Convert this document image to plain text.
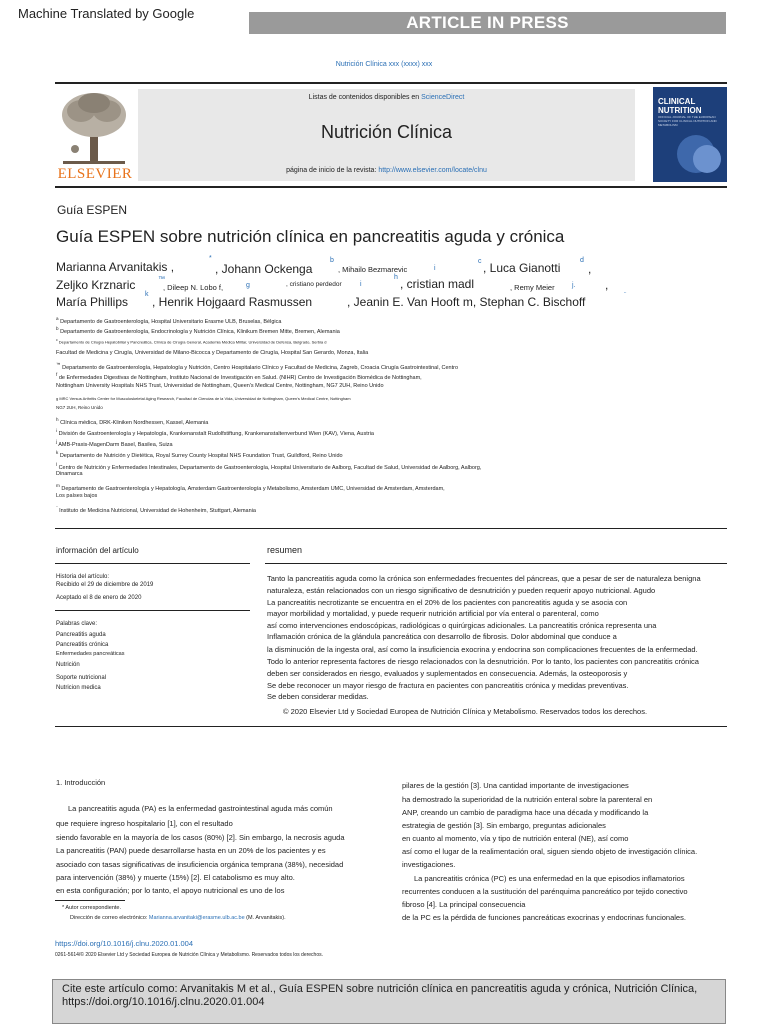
Machine Translated by Google	ARTICLE IN PRESS
Nutrición Clínica xxx (xxxx) xxx
ELSEVIER
Listas de contenidos disponibles en ScienceDirect
Nutrición Clínica
página de inicio de la revista: http://www.elsevier.com/locate/clnu
CLINICAL NUTRITION
OFFICIAL JOURNAL OF THE EUROPEAN SOCIETY FOR CLINICAL NUTRITION AND METABOLISM
Guía ESPEN
Guía ESPEN sobre nutrición clínica en pancreatitis aguda y crónica
Marianna Arvanitakis ,
*
, Johann Ockenga
b
, Mihailo Bezmarevic	i
c , Luca Gianotti
d
,
Zeljko Krznaric	™
, Dileep N. Lobo f,	g	, cristiano perdedor	i
h , cristian madl	, Remy Meier j. ,
María Phillips
k
, Henrik Hojgaard Rasmussen	, Jeanin E. Van Hooft m, Stephan C. Bischoff	¨
$^a$ Departamento de Gastroenterología, Hospital Universitario Erasme ULB, Bruselas, Bélgica
$^b$ Departamento de Gastroenterología, Endocrinología y Nutrición Clínica, Klinikum Bremen Mitte, Bremen, Alemania
$^c$ Departamento de Cirugía Hepatobiliar y Pancreática, Clínica de Cirugía General, Academia Médica Militar, Universidad de Defensa, Belgrado, Serbia d
Facultad de Medicina y Cirugía, Universidad de Milano-Bicocca y Departamento de Cirugía, Hospital San Gerardo, Monza, Italia
™ Departamento de Gastroenterología, Hepatología y Nutrición, Centro Hospitalario Clínico y Facultad de Medicina, Zagreb, Croacia Cirugía Gastrointestinal, Centro
$^f$ de Enfermedades Digestivas de Nottingham, Instituto Nacional de Investigación en Salud. (NIHR) Centro de Investigación Biomédica de Nottingham,
Nottingham University Hospitals NHS Trust, Universidad de Nottingham, Queen's Medical Centre, Nottingham, NG7 2UH, Reino Unido
g MRC Versus Arthritis Center for Musculoskeletal Aging Research, Facultad de Ciencias de la Vida, Universidad de Nottingham, Queen's Medical Centre, Nottingham
NG7 2UH, Reino Unido
$^h$ Clínica médica, DRK-Kliniken Nordhessen, Kassel, Alemania
$^i$ División de Gastroenterología y Hepatología, Krankenanstalt Rudolfstiftung, Krankenanstaltenverbund Wien (KAV), Viena, Austria
$^j$ AMB-Praxis-MagenDarm Basel, Basilea, Suiza
$^k$ Departamento de Nutrición y Dietética, Royal Surrey County Hospital NHS Foundation Trust, Guildford, Reino Unido
$^l$ Centro de Nutrición y Enfermedades Intestinales, Departamento de Gastroenterología, Hospital Universitario de Aalborg, Facultad de Salud, Universidad de Aalborg, Aalborg,
Dinamarca
$^m$ Departamento de Gastroenterología y Hepatología, Amsterdam Gastroenterología y Metabolismo, Amsterdam UMC, Universidad de Amsterdam, Amsterdam,
Los países bajos
¨ Instituto de Medicina Nutricional, Universidad de Hohenheim, Stuttgart, Alemania
información del artículo
Historia del artículo:
Recibido el 29 de diciembre de 2019
Aceptado el 8 de enero de 2020
Palabras clave:
Pancreatitis aguda
Pancreatitis crónica
Enfermedades pancreáticas
Nutrición
Soporte nutricional
Nutricion medica
resumen
Tanto la pancreatitis aguda como la crónica son enfermedades frecuentes del páncreas, que a pesar de ser de naturaleza benigna
naturaleza, están relacionados con un riesgo significativo de desnutrición y pueden requerir apoyo nutricional. Agudo
La pancreatitis necrotizante se encuentra en el 20% de los pacientes con pancreatitis aguda y se asocia con
mayor morbilidad y mortalidad, y puede requerir nutrición artificial por vía enteral o parenteral, como
así como intervenciones endoscópicas, radiológicas o quirúrgicas adicionales. La pancreatitis crónica representa una
Inflamación crónica de la glándula pancreática con desarrollo de fibrosis. Dolor abdominal que conduce a
la disminución de la ingesta oral, así como la insuficiencia exocrina y endocrina son complicaciones frecuentes de la enfermedad.
Todo lo anterior representa factores de riesgo relacionados con la desnutrición. Por lo tanto, los pacientes con pancreatitis crónica
deben ser considerados en riesgo, evaluados y suplementados en consecuencia. Además, la osteoporosis y
Se debe reconocer un mayor riesgo de fractura en pacientes con pancreatitis crónica y medidas preventivas.
Se deben considerar medidas.
© 2020 Elsevier Ltd y Sociedad Europea de Nutrición Clínica y Metabolismo. Reservados todos los derechos.
1. Introducción
La pancreatitis aguda (PA) es la enfermedad gastrointestinal aguda más común
que requiere ingreso hospitalario [1], con el resultado
siendo favorable en la mayoría de los casos (80%) [2]. Sin embargo, la necrosis aguda
La pancreatitis (PAN) puede desarrollarse hasta en un 20% de los pacientes y es
asociado con tasas significativas de insuficiencia orgánica temprana (38%), necesidad
para intervención (38%) y muerte (15%) [2]. El catabolismo es muy alto.
en esta configuración; por lo tanto, el apoyo nutricional es uno de los
* Autor correspondiente.
Dirección de correo electrónico: Marianna.arvanitaki@erasme.ulb.ac.be (M. Arvanitakis).
pilares de la gestión [3]. Una cantidad importante de investigaciones
ha demostrado la superioridad de la nutrición enteral sobre la parenteral en
ANP, creando un cambio de paradigma hace una década y modificando la
estrategia de gestión [3]. Sin embargo, preguntas adicionales
en cuanto al momento, vía y tipo de nutrición enteral (NE), así como
así como el lugar de la realimentación oral, siguen siendo objeto de investigación clínica.
investigaciones.
La pancreatitis crónica (PC) es una enfermedad en la que episodios inflamatorios
recurrentes conducen a la sustitución del parénquima pancreático por tejido conectivo
fibroso [4]. La principal consecuencia
de la PC es la pérdida de funciones pancreáticas exocrinas y endocrinas funcionales.
https://doi.org/10.1016/j.clnu.2020.01.004
0261-5614/© 2020 Elsevier Ltd y Sociedad Europea de Nutrición Clínica y Metabolismo. Reservados todos los derechos.
Cite este artículo como: Arvanitakis M et al., Guía ESPEN sobre nutrición clínica en pancreatitis aguda y crónica, Nutrición Clínica, https://doi.org/10.1016/j.clnu.2020.01.004
